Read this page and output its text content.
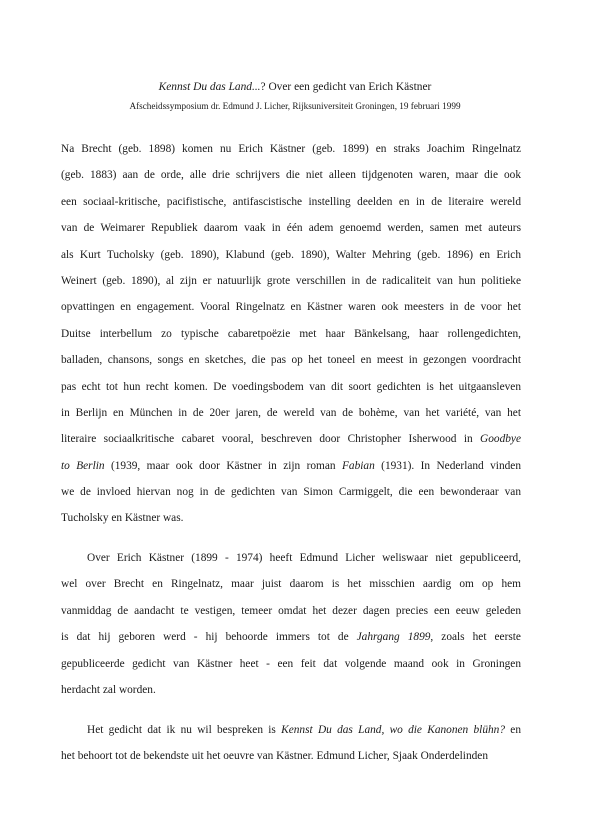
Kennst Du das Land...? Over een gedicht van Erich Kästner
Afscheidssymposium dr. Edmund J. Licher, Rijksuniversiteit Groningen, 19 februari 1999
Na Brecht (geb. 1898) komen nu Erich Kästner (geb. 1899) en straks Joachim Ringelnatz
(geb. 1883) aan de orde, alle drie schrijvers die niet alleen tijdgenoten waren, maar die ook
een sociaal-kritische, pacifistische, antifascistische instelling deelden en in de literaire wereld
van de Weimarer Republiek daarom vaak in één adem genoemd werden, samen met auteurs
als Kurt Tucholsky (geb. 1890), Klabund (geb. 1890), Walter Mehring (geb. 1896) en Erich
Weinert (geb. 1890), al zijn er natuurlijk grote verschillen in de radicaliteit van hun politieke
opvattingen en engagement. Vooral Ringelnatz en Kästner waren ook meesters in de voor het
Duitse interbellum zo typische cabaretpoëzie met haar Bänkelsang, haar rollengedichten,
balladen, chansons, songs en sketches, die pas op het toneel en meest in gezongen voordracht
pas echt tot hun recht komen. De voedingsbodem van dit soort gedichten is het uitgaansleven
in Berlijn en München in de 20er jaren, de wereld van de bohème, van het variété, van het
literaire sociaalkritische cabaret vooral, beschreven door Christopher Isherwood in Goodbye
to Berlin (1939, maar ook door Kästner in zijn roman Fabian (1931). In Nederland vinden
we de invloed hiervan nog in de gedichten van Simon Carmiggelt, die een bewonderaar van
Tucholsky en Kästner was.
Over Erich Kästner (1899 - 1974) heeft Edmund Licher weliswaar niet gepubliceerd,
wel over Brecht en Ringelnatz, maar juist daarom is het misschien aardig om op hem
vanmiddag de aandacht te vestigen, temeer omdat het dezer dagen precies een eeuw geleden
is dat hij geboren werd - hij behoorde immers tot de Jahrgang 1899, zoals het eerste
gepubliceerde gedicht van Kästner heet - een feit dat volgende maand ook in Groningen
herdacht zal worden.
Het gedicht dat ik nu wil bespreken is Kennst Du das Land, wo die Kanonen blühn? en
het behoort tot de bekendste uit het oeuvre van Kästner. Edmund Licher, Sjaak Onderdelinden
